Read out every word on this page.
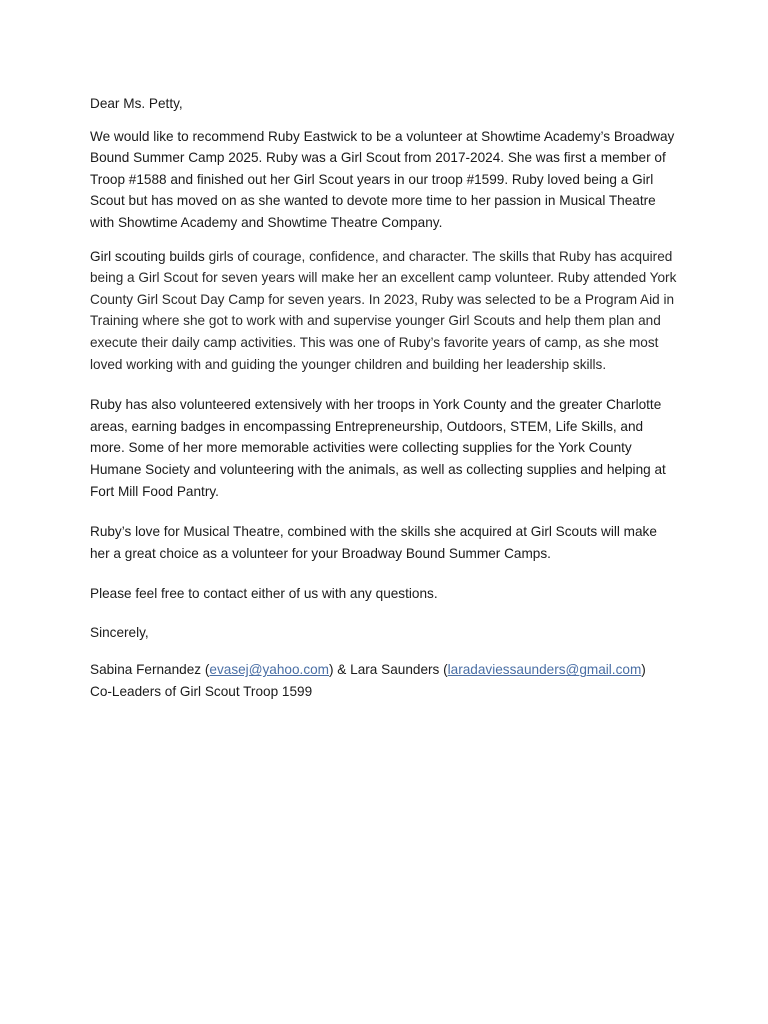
Dear Ms. Petty,

We would like to recommend Ruby Eastwick to be a volunteer at Showtime Academy’s Broadway Bound Summer Camp 2025. Ruby was a Girl Scout from 2017-2024. She was first a member of Troop #1588 and finished out her Girl Scout years in our troop #1599. Ruby loved being a Girl Scout but has moved on as she wanted to devote more time to her passion in Musical Theatre with Showtime Academy and Showtime Theatre Company.

Girl scouting builds girls of courage, confidence, and character. The skills that Ruby has acquired being a Girl Scout for seven years will make her an excellent camp volunteer. Ruby attended York County Girl Scout Day Camp for seven years. In 2023, Ruby was selected to be a Program Aid in Training where she got to work with and supervise younger Girl Scouts and help them plan and execute their daily camp activities. This was one of Ruby’s favorite years of camp, as she most loved working with and guiding the younger children and building her leadership skills.

Ruby has also volunteered extensively with her troops in York County and the greater Charlotte areas, earning badges in encompassing Entrepreneurship, Outdoors, STEM, Life Skills, and more. Some of her more memorable activities were collecting supplies for the York County Humane Society and volunteering with the animals, as well as collecting supplies and helping at Fort Mill Food Pantry.

Ruby’s love for Musical Theatre, combined with the skills she acquired at Girl Scouts will make her a great choice as a volunteer for your Broadway Bound Summer Camps.

Please feel free to contact either of us with any questions.

Sincerely,

Sabina Fernandez (evasej@yahoo.com) & Lara Saunders (laradaviessaunders@gmail.com)

Co-Leaders of Girl Scout Troop 1599
